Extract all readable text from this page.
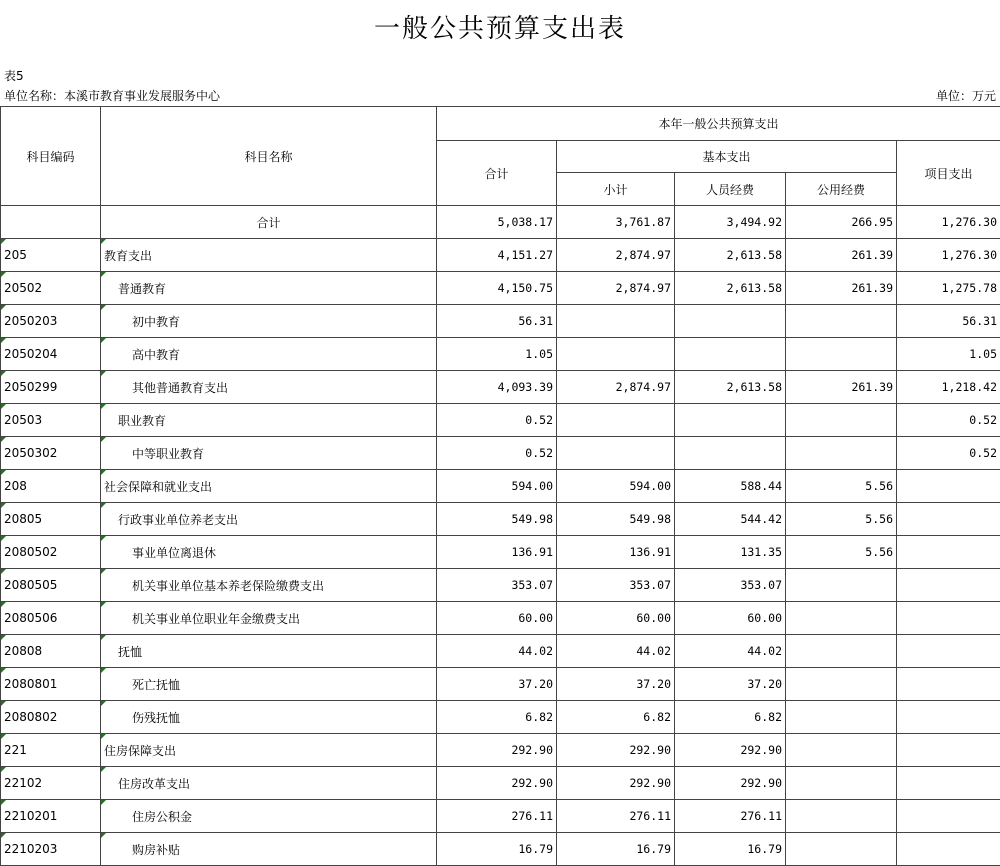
一般公共预算支出表
表5
单位名称：本溪市教育事业发展服务中心	单位：万元
科目编码	科目名称	本年一般公共预算支出				
		合计	基本支出			项目支出
			小计	人员经费	公用经费	
	合计	5,038.17	3,761.87	3,494.92	266.95	1,276.30
205	教育支出	4,151.27	2,874.97	2,613.58	261.39	1,276.30
20502	普通教育	4,150.75	2,874.97	2,613.58	261.39	1,275.78
2050203	初中教育	56.31				56.31
2050204	高中教育	1.05				1.05
2050299	其他普通教育支出	4,093.39	2,874.97	2,613.58	261.39	1,218.42
20503	职业教育	0.52				0.52
2050302	中等职业教育	0.52				0.52
208	社会保障和就业支出	594.00	594.00	588.44	5.56	
20805	行政事业单位养老支出	549.98	549.98	544.42	5.56	
2080502	事业单位离退休	136.91	136.91	131.35	5.56	
2080505	机关事业单位基本养老保险缴费支出	353.07	353.07	353.07		
2080506	机关事业单位职业年金缴费支出	60.00	60.00	60.00		
20808	抚恤	44.02	44.02	44.02		
2080801	死亡抚恤	37.20	37.20	37.20		
2080802	伤残抚恤	6.82	6.82	6.82		
221	住房保障支出	292.90	292.90	292.90		
22102	住房改革支出	292.90	292.90	292.90		
2210201	住房公积金	276.11	276.11	276.11		
2210203	购房补贴	16.79	16.79	16.79		
